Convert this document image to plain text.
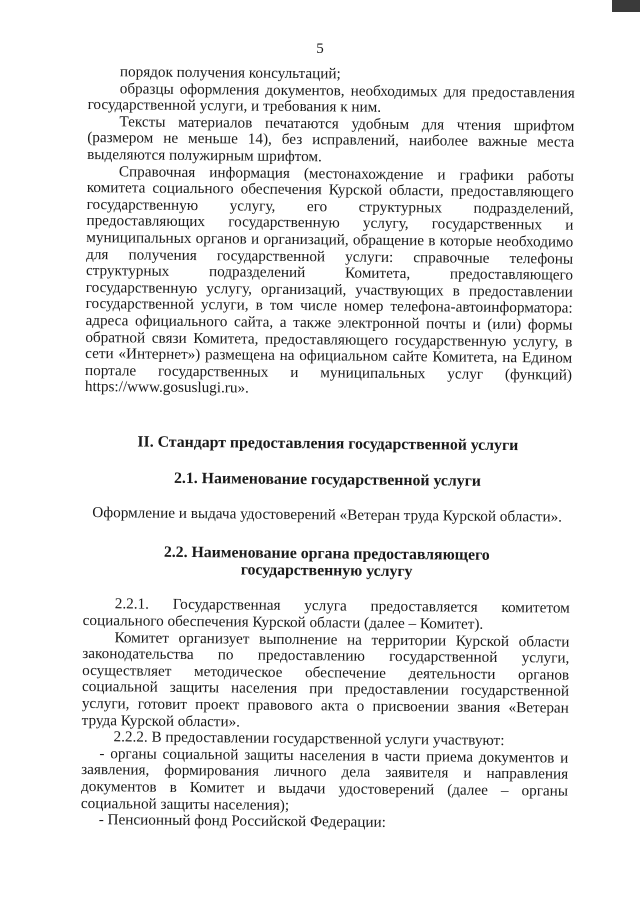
5

порядок получения консультаций;

образцы оформления документов, необходимых для предоставления государственной услуги, и требования к ним.

Тексты материалов печатаются удобным для чтения шрифтом (размером не меньше 14), без исправлений, наиболее важные места выделяются полужирным шрифтом.

Справочная информация (местонахождение и графики работы комитета социального обеспечения Курской области, предоставляющего государственную услугу, его структурных подразделений, предоставляющих государственную услугу, государственных и муниципальных органов и организаций, обращение в которые необходимо для получения государственной услуги: справочные телефоны структурных подразделений Комитета, предоставляющего государственную услугу, организаций, участвующих в предоставлении государственной услуги, в том числе номер телефона-автоинформатора: адреса официального сайта, а также электронной почты и (или) формы обратной связи Комитета, предоставляющего государственную услугу, в сети «Интернет») размещена на официальном сайте Комитета, на Едином портале государственных и муниципальных услуг (функций) https://www.gosuslugi.ru».

II. Стандарт предоставления государственной услуги

2.1. Наименование государственной услуги

Оформление и выдача удостоверений «Ветеран труда Курской области».

2.2. Наименование органа предоставляющего государственную услугу

2.2.1. Государственная услуга предоставляется комитетом социального обеспечения Курской области (далее – Комитет).

Комитет организует выполнение на территории Курской области законодательства по предоставлению государственной услуги, осуществляет методическое обеспечение деятельности органов социальной защиты населения при предоставлении государственной услуги, готовит проект правового акта о присвоении звания «Ветеран труда Курской области».

2.2.2. В предоставлении государственной услуги участвуют:

- органы социальной защиты населения в части приема документов и заявления, формирования личного дела заявителя и направления документов в Комитет и выдачи удостоверений (далее – органы социальной защиты населения);

- Пенсионный фонд Российской Федерации:
